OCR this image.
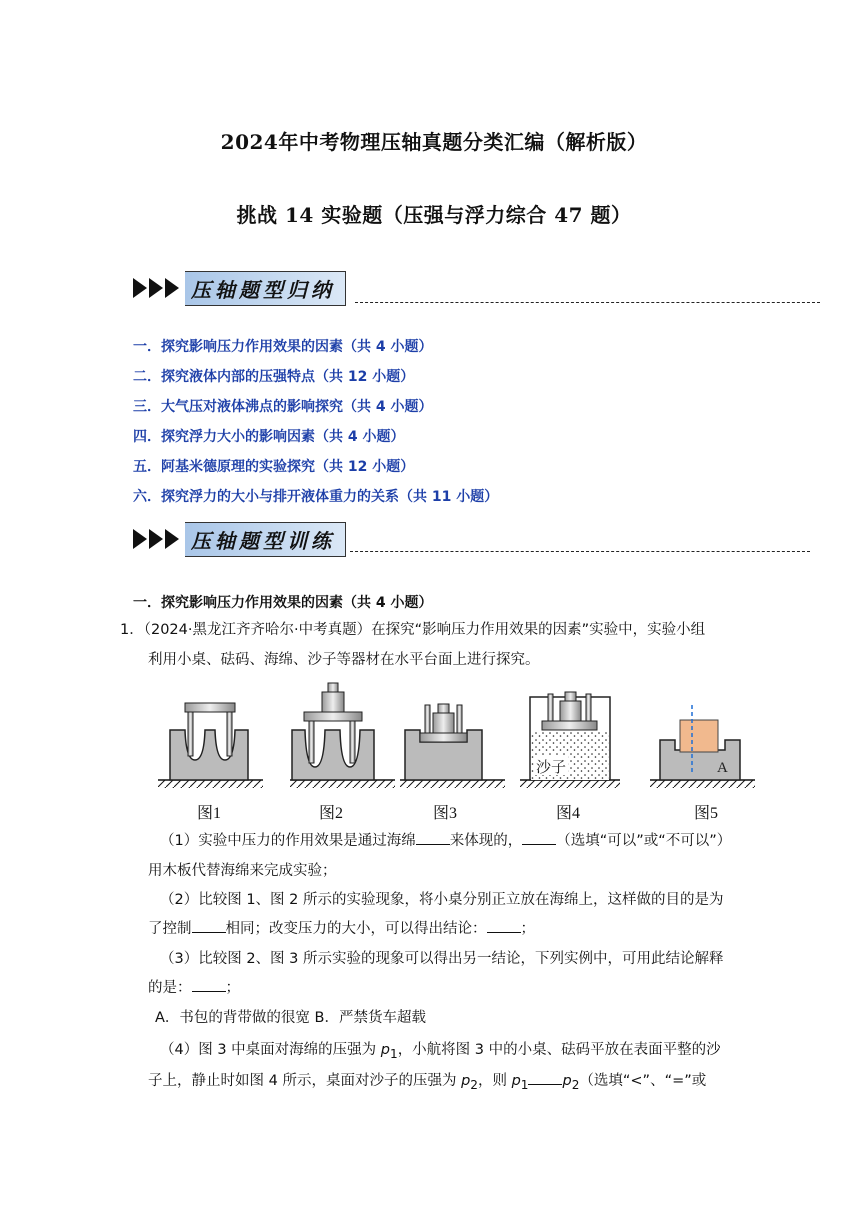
2024年中考物理压轴真题分类汇编（解析版）
挑战 14 实验题（压强与浮力综合 47 题）
压轴题型归纳
一．探究影响压力作用效果的因素（共 4 小题）
二．探究液体内部的压强特点（共 12 小题）
三．大气压对液体沸点的影响探究（共 4 小题）
四．探究浮力大小的影响因素（共 4 小题）
五．阿基米德原理的实验探究（共 12 小题）
六．探究浮力的大小与排开液体重力的关系（共 11 小题）
压轴题型训练
一．探究影响压力作用效果的因素（共 4 小题）
1．（2024·黑龙江齐齐哈尔·中考真题）在探究“影响压力作用效果的因素”实验中，实验小组
利用小桌、砝码、海绵、沙子等器材在水平台面上进行探究。
沙子	A
图1	图2	图3	图4	图5
（1）实验中压力的作用效果是通过海绵 来体现的， （选填“可以”或“不可以”）
用木板代替海绵来完成实验；
（2）比较图 1、图 2 所示的实验现象，将小桌分别正立放在海绵上，这样做的目的是为
了控制 相同；改变压力的大小，可以得出结论： ；
（3）比较图 2、图 3 所示实验的现象可以得出另一结论，下列实例中，可用此结论解释
的是： ；
A．书包的背带做的很宽 B．严禁货车超载
（4）图 3 中桌面对海绵的压强为 $p_1$，小航将图 3 中的小桌、砝码平放在表面平整的沙
子上，静止时如图 4 所示，桌面对沙子的压强为 $p_2$，则 $p_1$ $p_2$（选填“<”、“=”或
